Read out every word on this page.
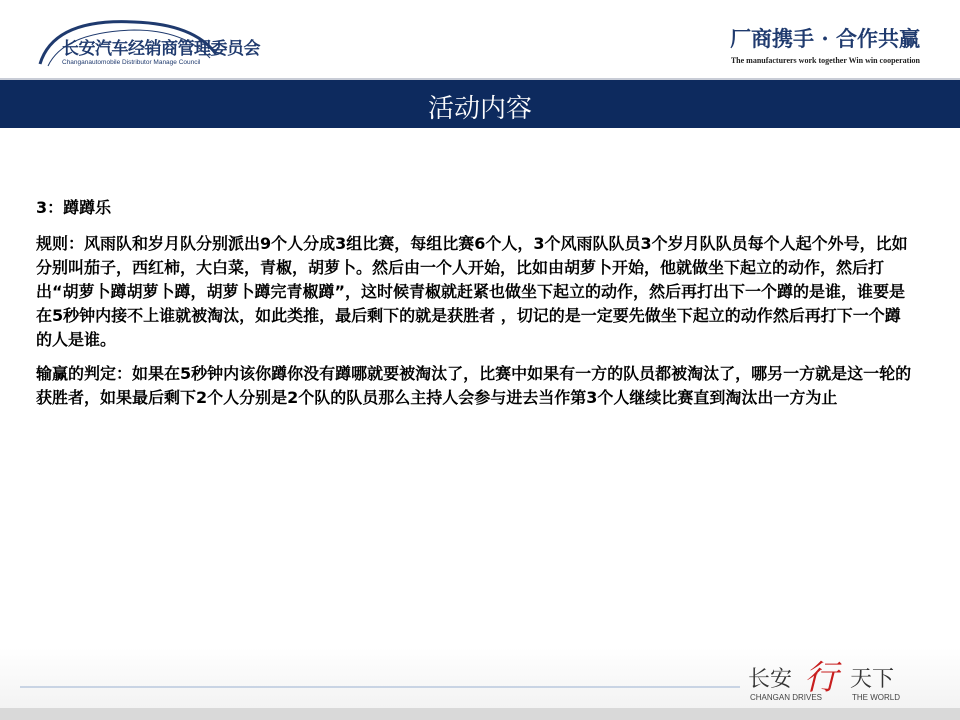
长安汽车经销商管理委员会
Changanautomobile Distributor Manage Council
厂商携手 · 合作共赢
The manufacturers work together Win win cooperation
活动内容

3：蹲蹲乐

规则：风雨队和岁月队分别派出9个人分成3组比赛，每组比赛6个人，3个风雨队队员3个岁月队队员每个人起个外号，比如分别叫茄子，西红柿，大白菜，青椒，胡萝卜。然后由一个人开始，比如由胡萝卜开始，他就做坐下起立的动作，然后打出“胡萝卜蹲胡萝卜蹲，胡萝卜蹲完青椒蹲”，这时候青椒就赶紧也做坐下起立的动作，然后再打出下一个蹲的是谁，谁要是在5秒钟内接不上谁就被淘汰，如此类推，最后剩下的就是获胜者 ，切记的是一定要先做坐下起立的动作然后再打下一个蹲的人是谁。

输赢的判定：如果在5秒钟内该你蹲你没有蹲哪就要被淘汰了，比赛中如果有一方的队员都被淘汰了，哪另一方就是这一轮的获胜者，如果最后剩下2个人分别是2个队的队员那么主持人会参与进去当作第3个人继续比赛直到淘汰出一方为止

长安 行 天下
CHANGAN DRIVES	THE WORLD
